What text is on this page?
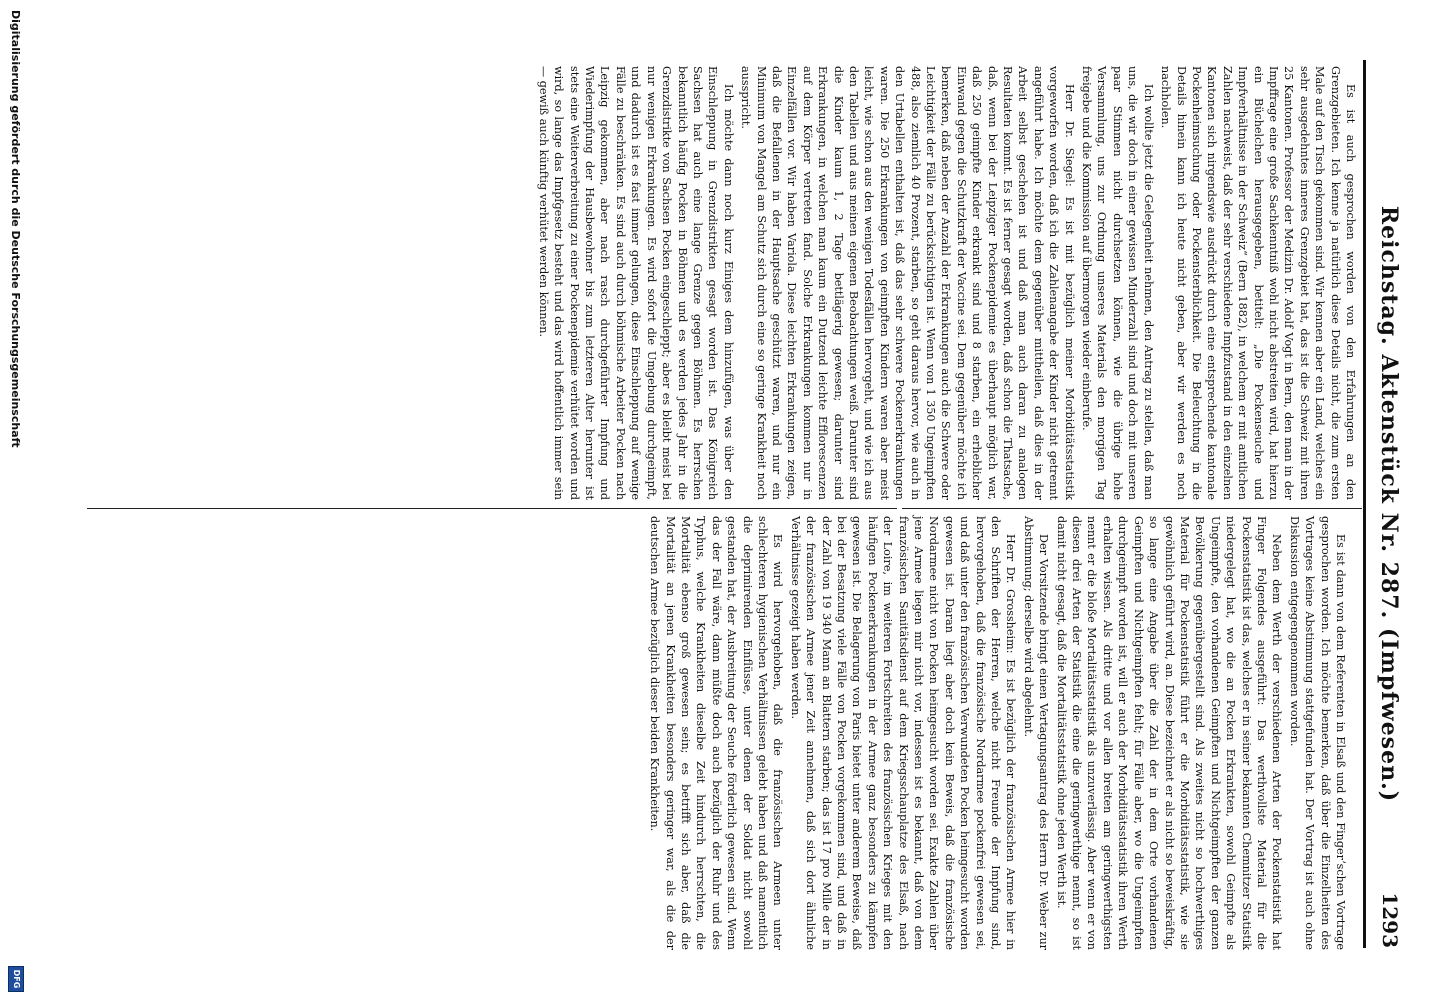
Reichstag. Aktenstück Nr. 287. (Impfwesen.)
1293

Es ist auch gesprochen worden von den Erfahrungen an den Grenzgebieten. Ich kenne ja natürlich diese Details nicht, die zum ersten Male auf den Tisch gekommen sind. Wir kennen aber ein Land, welches ein sehr ausgedehntes inneres Grenzgebiet hat, das ist die Schweiz mit ihren 25 Kantonen. Professor der Medizin Dr. Adolf Vogt in Bern, den man in der Impffrage eine große Sachkenntniß wohl nicht abstreiten wird, hat hierzu ein Büchelchen herausgegeben, betitelt: „Die Pockenseuche und Impfverhältnisse in der Schweiz“ (Bern 1882), in welchem er mit amtlichen Zahlen nachweist, daß der sehr verschiedene Impfzustand in den einzelnen Kantonen sich nirgendswie ausdrückt durch eine entsprechende kantonale Pockenheimsuchung oder Pockensterblichkeit. Die Beleuchtung in die Details hinein kann ich heute nicht geben, aber wir werden es noch nachholen.

Ich wollte jetzt die Gelegenheit nehmen, den Antrag zu stellen, daß man uns, die wir doch in einer gewissen Minderzahl sind und doch mit unseren paar Stimmen nicht durchsetzen können, wie die übrige hohe Versammlung, uns zur Ordnung unseres Materials den morgigen Tag freigebe und die Kommission auf übermorgen wieder einberufe.

Herr Dr. Siegel: Es ist mit bezüglich meiner Morbiditätsstatistik vorgeworfen worden, daß ich die Zahlenangabe der Kinder nicht getrennt angeführt habe. Ich möchte dem gegenüber mittheilen, daß dies in der Arbeit selbst geschehen ist und daß man auch daran zu analogen Resultaten kommt. Es ist ferner gesagt worden, daß schon die Thatsache, daß, wenn bei der Leipziger Pockenepidemie es überhaupt möglich war, daß 250 geimpfte Kinder erkrankt sind und 8 starben, ein erheblicher Einwand gegen die Schutzkraft der Vaccine sei. Dem gegenüber möchte ich bemerken, daß neben der Anzahl der Erkrankungen auch die Schwere oder Leichtigkeit der Fälle zu berücksichtigen ist. Wenn von 1 350 Ungeimpften 488, also ziemlich 40 Prozent, starben, so geht daraus hervor, wie auch in den Urtabellen enthalten ist, daß das sehr schwere Pockenerkrankungen waren. Die 250 Erkrankungen von geimpften Kindern waren aber meist leicht, wie schon aus den wenigen Todesfällen hervorgeht, und wie ich aus den Tabellen und aus meinen eigenen Beobachtungen weiß. Darunter sind die Kinder kaum 1, 2 Tage bettlägerig gewesen; darunter sind Erkrankungen, in welchen man kaum ein Dutzend leichte Efflorescenzen auf dem Körper vertreten fand. Solche Erkrankungen kommen nur in Einzelfällen vor. Wir haben Variola. Diese leichten Erkrankungen zeigen, daß die Befallenen in der Hauptsache geschützt waren, und nur ein Minimum von Mangel am Schutz sich durch eine so geringe Krankheit noch ausspricht.

Ich möchte dann noch kurz Einiges dem hinzufügen, was über den Einschleppung in Grenzdistrikten gesagt worden ist. Das Königreich Sachsen hat auch eine lange Grenze gegen Böhmen. Es herrschen bekanntlich häufig Pocken in Böhmen und es werden jedes Jahr in die Grenzdistrikte von Sachsen Pocken eingeschleppt; aber es bleibt meist bei nur wenigen Erkrankungen. Es wird sofort die Umgebung durchgeimpft, und dadurch ist es fast immer gelungen, diese Einschleppung auf wenige Fälle zu beschränken. Es sind auch durch böhmische Arbeiter Pocken nach Leipzig gekommen, aber nach rasch durchgeführter Impfung und Wiederimpfung der Hausbewohner bis zum letzteren Alter herunter ist stets eine Weiterverbreitung zu einer Pockenepidemie verhütet worden und wird, so lange das Impfgesetz besteht und das wird hoffentlich immer sein — gewiß auch künftig verhütet werden können.

Es ist dann von dem Referenten in Elsaß und den Fingerʼschen Vortrage gesprochen worden. Ich möchte bemerken, daß über die Einzelheiten des Vortrages keine Abstimmung stattgefunden hat. Der Vortrag ist auch ohne Diskussion entgegengenommen worden.

Neben dem Werth der verschiedenen Arten der Pockenstatistik hat Finger Folgendes ausgeführt: Das werthvollste Material für die Pockenstatistik ist das, welches er in seiner bekannten Chemnitzer Statistik niedergelegt hat, wo die an Pocken Erkrankten, sowohl Geimpfte als Ungeimpfte, den vorhandenen Geimpften und Nichtgeimpften der ganzen Bevölkerung gegenübergestellt sind. Als zweites nicht so hochwerthiges Material für Pockenstatistik führt er die Morbiditätsstatistik, wie sie gewöhnlich geführt wird, an. Diese bezeichnet er als nicht so beweiskräftig, so lange eine Angabe über die Zahl der in dem Orte vorhandenen Geimpften und Nichtgeimpften fehlt; für Fälle aber, wo die Ungeimpften durchgeimpft worden ist, will er auch der Morbiditätsstatistik ihren Werth erhalten wissen. Als dritte und vor allen breiten am geringwerthigsten nennt er die bloße Mortalitätsstatistik als unzuverlässig. Aber wenn er von diesen drei Arten der Statistik die eine die geringwerthige nennt, so ist damit nicht gesagt, daß die Mortalitätsstatistik ohne jeden Werth ist.

Der Vorsitzende bringt einen Vertagungsantrag des Herrn Dr. Weber zur Abstimmung; derselbe wird abgelehnt.

Herr Dr. Grossheim: Es ist bezüglich der französischen Armee hier in den Schriften der Herren, welche nicht Freunde der Impfung sind, hervorgehoben, daß die französische Nordarmee pockenfrei gewesen sei, und daß unter den französischen Verwundeten Pocken heimgesucht worden gewesen ist. Daran liegt aber doch kein Beweis, daß die französische Nordarmee nicht von Pocken heimgesucht worden sei. Exakte Zahlen über jene Armee liegen mir nicht vor, indessen ist es bekannt, daß von dem französischen Sanitätsdienst auf dem Kriegsschauplatze des Elsaß, nach der Loire, im weiteren Fortschreiten des französischen Krieges mit den häufigen Pockenerkrankungen in der Armee ganz besonders zu kämpfen gewesen ist. Die Belagerung von Paris bietet unter anderem Beweise, daß bei der Besatzung viele Fälle von Pocken vorgekommen sind, und daß in der Zahl von 19 340 Mann an Blattern starben; das ist 17 pro Mille der in der französischen Armee jener Zeit annehmen, daß sich dort ähnliche Verhältnisse gezeigt haben werden.

Es wird hervorgehoben, daß die französischen Armeen unter schlechteren hygienischen Verhältnissen gelebt haben und daß namentlich die deprimirenden Einflüsse, unter denen der Soldat nicht sowohl gestanden hat, der Ausbreitung der Seuche förderlich gewesen sind. Wenn das der Fall wäre, dann müßte doch auch bezüglich der Ruhr und des Typhus, welche Krankheiten dieselbe Zeit hindurch herrschten, die Mortalität ebenso groß gewesen sein; es betrifft sich aber, daß die Mortalität an jenen Krankheiten besonders geringer war, als die der deutschen Armee bezüglich dieser beiden Krankheiten.

Digitalisierung gefördert durch die Deutsche Forschungsgemeinschaft
DFG
